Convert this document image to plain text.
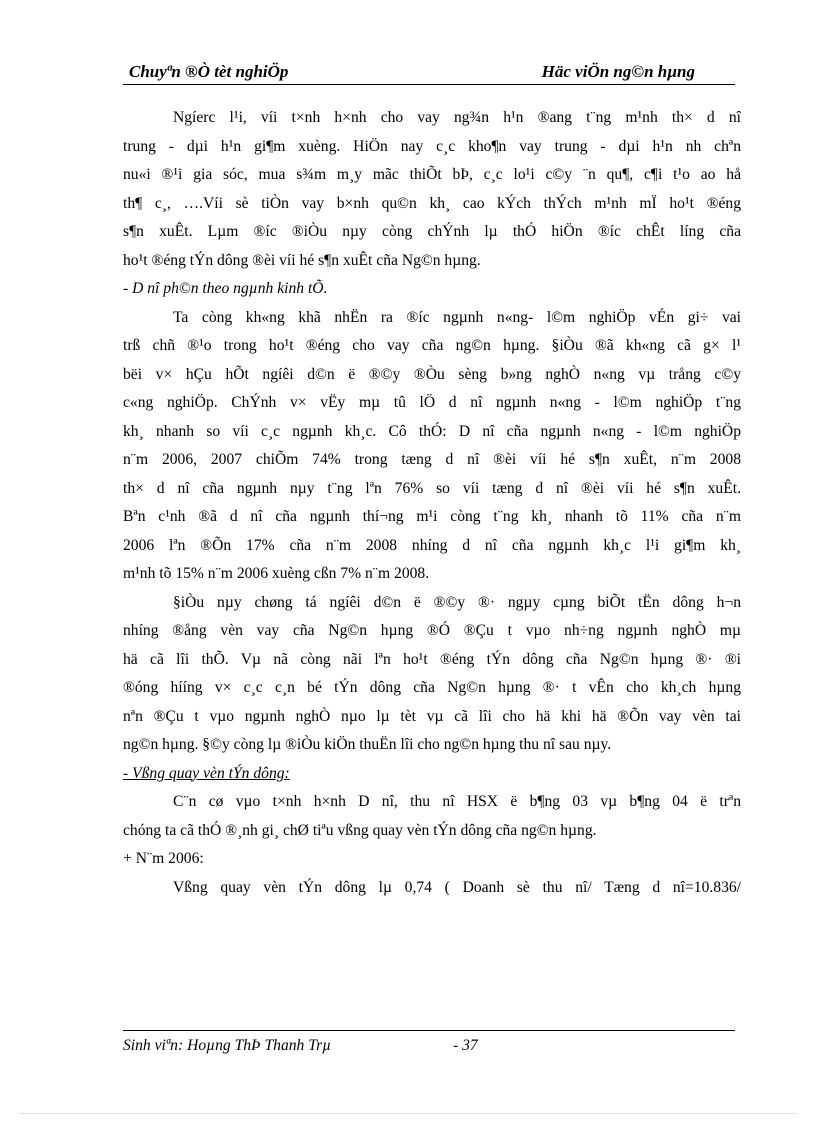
Chuyªn ®Ò tèt nghiÖp	Häc viÖn ng©n hµng
Ngíerc l¹i, víi t×nh h×nh cho vay ng¾n h¹n ®ang t¨ng m¹nh th× d nî
trung - dµi h¹n gi¶m xuèng. HiÖn nay c¸c kho¶n vay trung - dµi h¹n nh chªn
nu«i ®¹i gia sóc, mua s¾m m¸y mãc thiÕt bÞ, c¸c lo¹i c©y ¨n qu¶, c¶i t¹o ao hå
th¶ c¸, ….Víi sè tiÒn vay b×nh qu©n kh¸ cao kÝch thÝch m¹nh mÏ ho¹t ®éng
s¶n xuÊt. Lµm ®íc ®iÒu nµy còng chÝnh lµ thÓ hiÖn ®íc chÊt líng cña
ho¹t ®éng tÝn dông ®èi víi hé s¶n xuÊt cña Ng©n hµng.
- D nî ph©n theo ngµnh kinh tÕ.
Ta còng kh«ng khã nhËn ra ®íc ngµnh n«ng- l©m nghiÖp vÉn gi÷ vai
trß chñ ®¹o trong ho¹t ®éng cho vay cña ng©n hµng. §iÒu ®ã kh«ng cã g× l¹
bëi v× hÇu hÕt ngíêi d©n ë ®©y ®Òu sèng b»ng nghÒ n«ng vµ trång c©y
c«ng nghiÖp. ChÝnh v× vËy mµ tû lÖ d nî ngµnh n«ng - l©m nghiÖp t¨ng
kh¸ nhanh so víi c¸c ngµnh kh¸c. Cô thÓ: D nî cña ngµnh n«ng - l©m nghiÖp
n¨m 2006, 2007 chiÕm 74% trong tæng d nî ®èi víi hé s¶n xuÊt, n¨m 2008
th× d nî cña ngµnh nµy t¨ng lªn 76% so víi tæng d nî ®èi víi hé s¶n xuÊt.
Bªn c¹nh ®ã d nî cña ngµnh thí¬ng m¹i còng t¨ng kh¸ nhanh tõ 11% cña n¨m
2006 lªn ®Õn 17% cña n¨m 2008 nhíng d nî cña ngµnh kh¸c l¹i gi¶m kh¸
m¹nh tõ 15% n¨m 2006 xuèng cßn 7% n¨m 2008.
§iÒu nµy chøng tá ngíêi d©n ë ®©y ®· ngµy cµng biÕt tËn dông h¬n
nhíng ®ång vèn vay cña Ng©n hµng ®Ó ®Çu t vµo nh÷ng ngµnh nghÒ mµ
hä cã lîi thÕ. Vµ nã còng nãi lªn ho¹t ®éng tÝn dông cña Ng©n hµng ®· ®i
®óng hííng v× c¸c c¸n bé tÝn dông cña Ng©n hµng ®· t vÊn cho kh¸ch hµng
nªn ®Çu t vµo ngµnh nghÒ nµo lµ tèt vµ cã lîi cho hä khi hä ®Õn vay vèn tai
ng©n hµng. §©y còng lµ ®iÒu kiÖn thuËn lîi cho ng©n hµng thu nî sau nµy.
- Vßng quay vèn tÝn dông:
C¨n cø vµo t×nh h×nh D nî, thu nî HSX ë b¶ng 03 vµ b¶ng 04 ë trªn
chóng ta cã thÓ ®¸nh gi¸ chØ tiªu vßng quay vèn tÝn dông cña ng©n hµng.
+ N¨m 2006:
Vßng quay vèn tÝn dông lµ 0,74 ( Doanh sè thu nî/ Tæng d nî=10.836/
Sinh viªn: Hoµng ThÞ Thanh Trµ	- 37
